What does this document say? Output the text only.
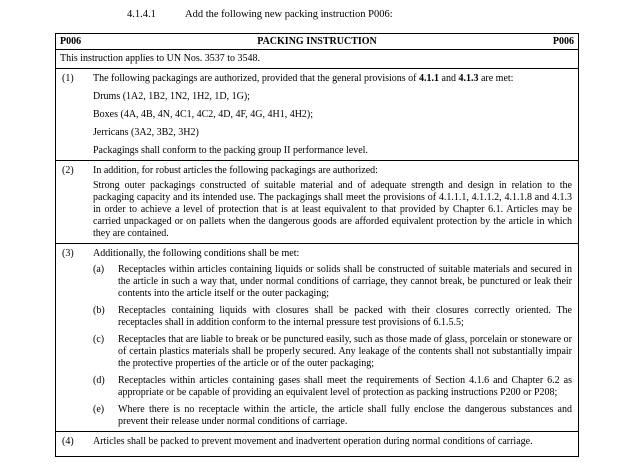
4.1.4.1	Add the following new packing instruction P006:
P006	PACKING INSTRUCTION	P006
This instruction applies to UN Nos. 3537 to 3548.
(1) The following packagings are authorized, provided that the general provisions of 4.1.1 and 4.1.3 are met:
Drums (1A2, 1B2, 1N2, 1H2, 1D, 1G);
Boxes (4A, 4B, 4N, 4C1, 4C2, 4D, 4F, 4G, 4H1, 4H2);
Jerricans (3A2, 3B2, 3H2)
Packagings shall conform to the packing group II performance level.
(2) In addition, for robust articles the following packagings are authorized:
Strong outer packagings constructed of suitable material and of adequate strength and design in relation to the packaging capacity and its intended use. The packagings shall meet the provisions of 4.1.1.1, 4.1.1.2, 4.1.1.8 and 4.1.3 in order to achieve a level of protection that is at least equivalent to that provided by Chapter 6.1. Articles may be carried unpackaged or on pallets when the dangerous goods are afforded equivalent protection by the article in which they are contained.
(3) Additionally, the following conditions shall be met:
(a) Receptacles within articles containing liquids or solids shall be constructed of suitable materials and secured in the article in such a way that, under normal conditions of carriage, they cannot break, be punctured or leak their contents into the article itself or the outer packaging;
(b) Receptacles containing liquids with closures shall be packed with their closures correctly oriented. The receptacles shall in addition conform to the internal pressure test provisions of 6.1.5.5;
(c) Receptacles that are liable to break or be punctured easily, such as those made of glass, porcelain or stoneware or of certain plastics materials shall be properly secured. Any leakage of the contents shall not substantially impair the protective properties of the article or of the outer packaging;
(d) Receptacles within articles containing gases shall meet the requirements of Section 4.1.6 and Chapter 6.2 as appropriate or be capable of providing an equivalent level of protection as packing instructions P200 or P208;
(e) Where there is no receptacle within the article, the article shall fully enclose the dangerous substances and prevent their release under normal conditions of carriage.
(4) Articles shall be packed to prevent movement and inadvertent operation during normal conditions of carriage.
